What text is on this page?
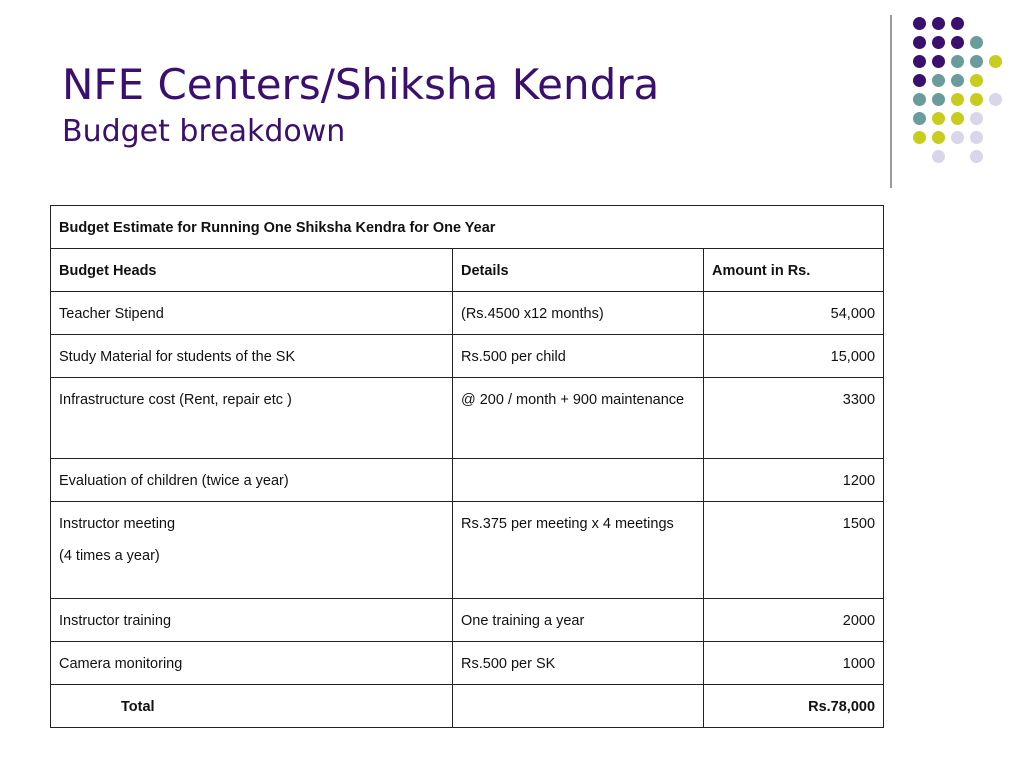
NFE Centers/Shiksha Kendra
Budget breakdown
Budget Estimate for Running One Shiksha Kendra for One Year		
Budget Heads	Details	Amount in Rs.
Teacher Stipend	(Rs.4500 x12 months)	54,000
Study Material for students of the SK	Rs.500 per child	15,000
Infrastructure cost (Rent, repair etc )	@ 200 / month + 900 maintenance	3300
Evaluation of children (twice a year)		1200
Instructor meeting
(4 times a year)	Rs.375 per meeting x 4 meetings	1500
Instructor training	One training a year	2000
Camera monitoring	Rs.500 per SK	1000
Total		Rs.78,000
